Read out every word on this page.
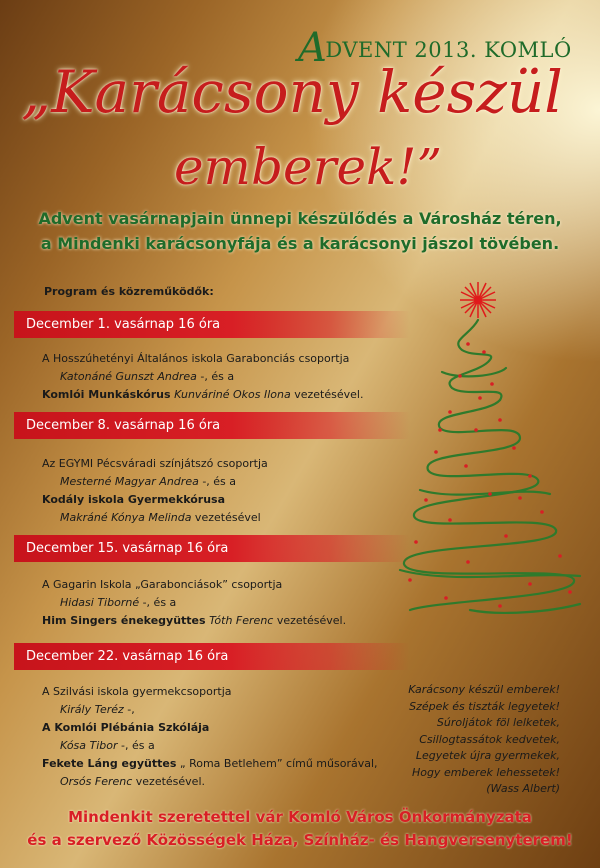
ADVENT 2013. KOMLÓ
„Karácsony készül
emberek!”
Advent vasárnapjain ünnepi készülődés a Városház téren,
a Mindenki karácsonyfája és a karácsonyi jászol tövében.
Program és közreműködők:
December 1. vasárnap 16 óra
A Hosszúhetényi Általános iskola Garabonciás csoportja
Katonáné Gunszt Andrea -, és a
Komlói Munkáskórus Kunváriné Okos Ilona vezetésével.
December 8. vasárnap 16 óra
Az EGYMI Pécsváradi színjátszó csoportja
Mesterné Magyar Andrea -, és a
Kodály iskola Gyermekkórusa
Makráné Kónya Melinda vezetésével
December 15. vasárnap 16 óra
A Gagarin Iskola „Garabonciások” csoportja
Hidasi Tiborné -, és a
Him Singers énekegyüttes Tóth Ferenc vezetésével.
December 22. vasárnap 16 óra
A Szilvási iskola gyermekcsoportja
Király Teréz -,
A Komlói Plébánia Szkólája
Kósa Tibor -, és a
Fekete Láng együttes „ Roma Betlehem” című műsorával,
Orsós Ferenc vezetésével.
Karácsony készül emberek!
Szépek és tiszták legyetek!
Súroljátok föl lelketek,
Csillogtassátok kedvetek,
Legyetek újra gyermekek,
Hogy emberek lehessetek!
(Wass Albert)
Mindenkit szeretettel vár Komló Város Önkormányzata
és a szervező Közösségek Háza, Színház- és Hangversenyterem!
